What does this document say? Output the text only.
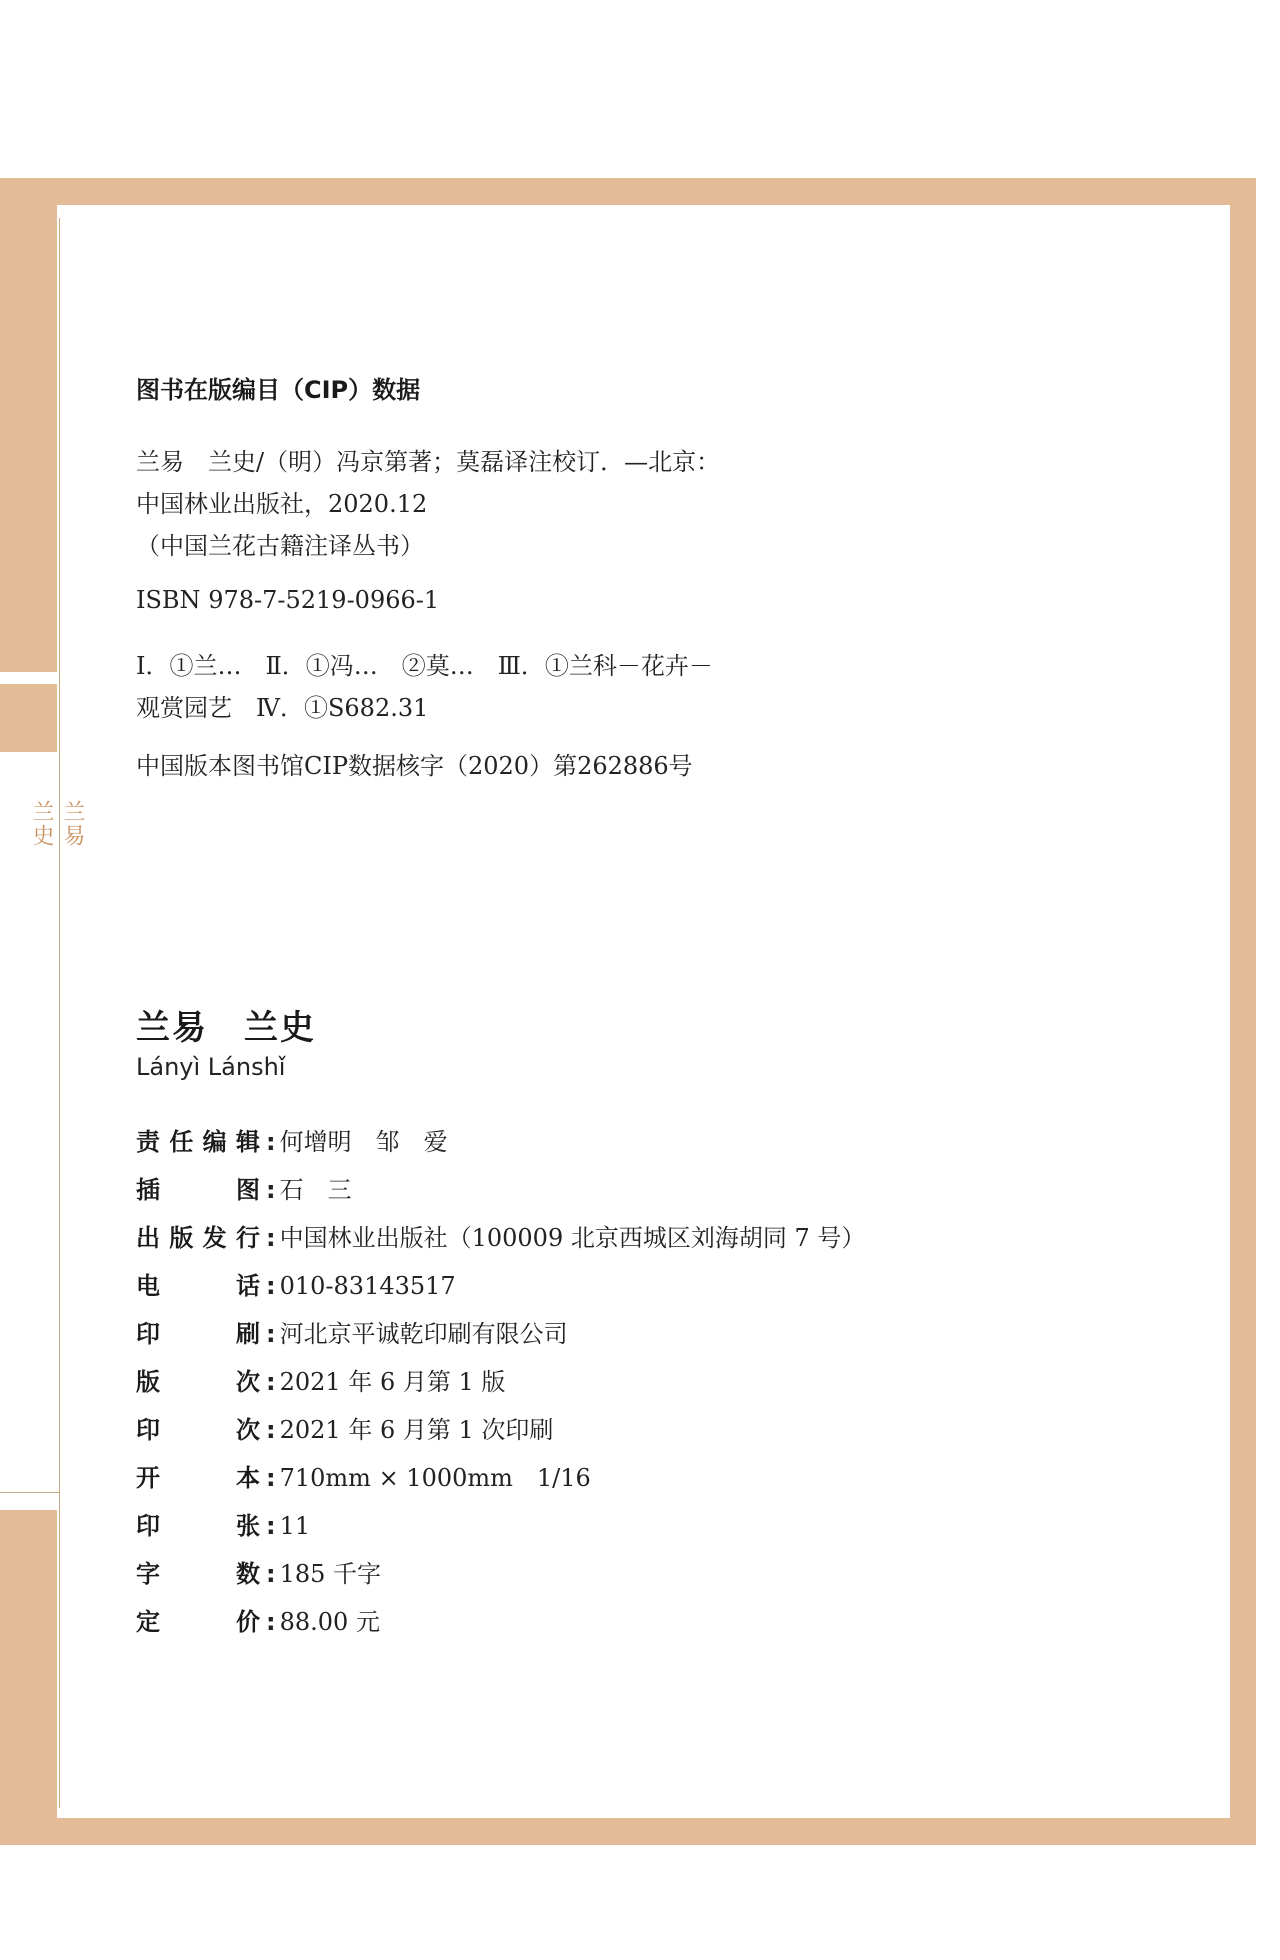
兰易
兰史
图书在版编目（CIP）数据
兰易　兰史/（明）冯京第著；莫磊译注校订．—北京：
中国林业出版社，2020.12
（中国兰花古籍注译丛书）
ISBN 978-7-5219-0966-1
Ⅰ．①兰…　Ⅱ．①冯…　②莫…　Ⅲ．①兰科－花卉－
观赏园艺　Ⅳ．①S682.31
中国版本图书馆CIP数据核字（2020）第262886号
兰易　兰史
Lányì Lánshǐ
责任编辑 : 何增明　邹　爱
插　　图 : 石　三
出版发行 : 中国林业出版社（100009 北京西城区刘海胡同 7 号）
电　　话 : 010-83143517
印　　刷 : 河北京平诚乾印刷有限公司
版　　次 : 2021 年 6 月第 1 版
印　　次 : 2021 年 6 月第 1 次印刷
开　　本 : 710mm × 1000mm　1/16
印　　张 : 11
字　　数 : 185 千字
定　　价 : 88.00 元
